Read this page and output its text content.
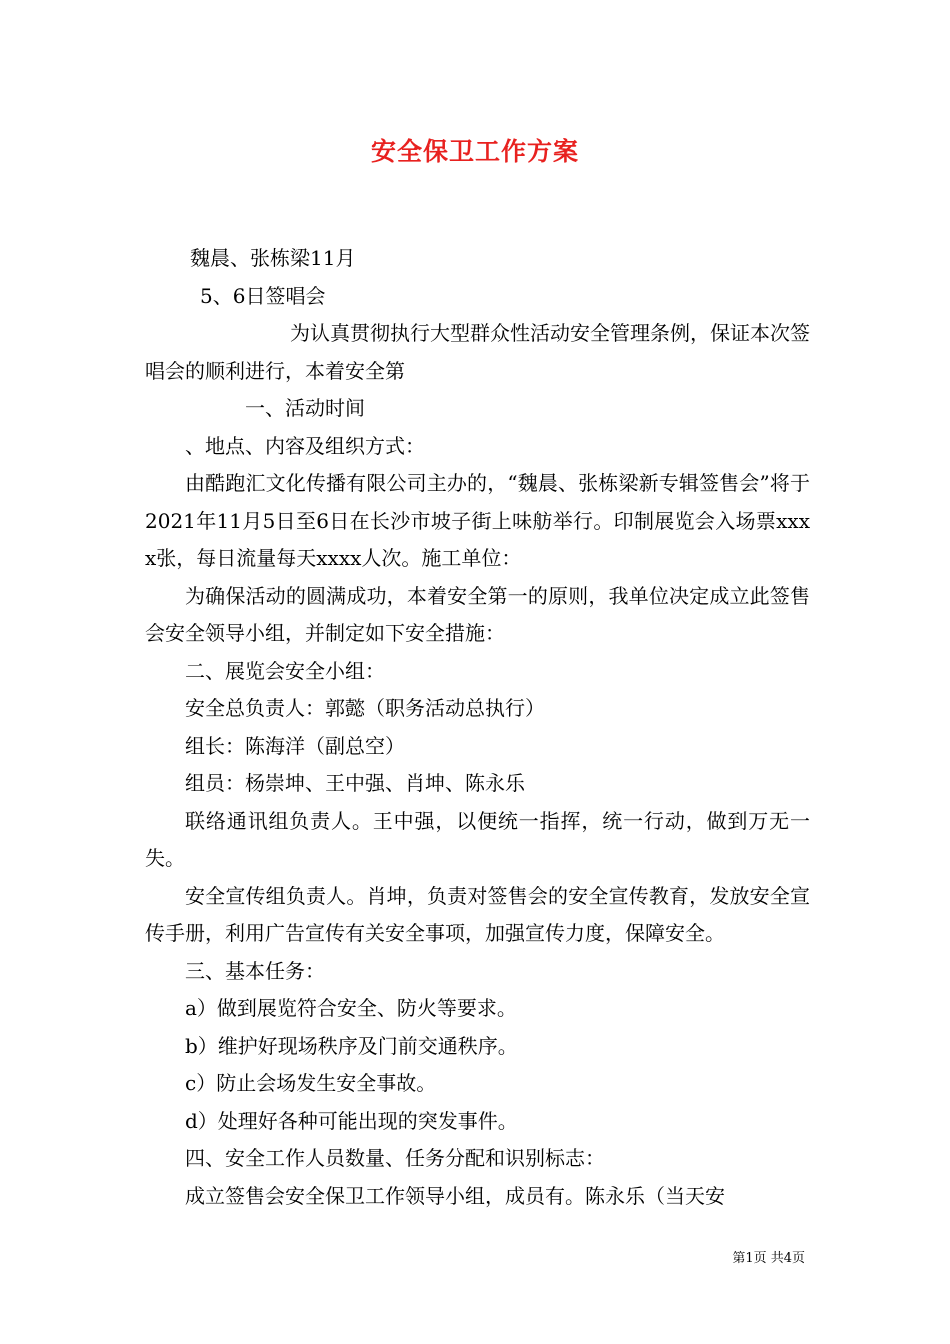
安全保卫工作方案

魏晨、张栋梁11月

5、6日签唱会

为认真贯彻执行大型群众性活动安全管理条例，保证本次签唱会的顺利进行，本着安全第

一、活动时间

、地点、内容及组织方式：

由酷跑汇文化传播有限公司主办的，“魏晨、张栋梁新专辑签售会”将于2021年11月5日至6日在长沙市坡子街上味舫举行。印制展览会入场票xxxx张，每日流量每天xxxx人次。施工单位：

为确保活动的圆满成功，本着安全第一的原则，我单位决定成立此签售会安全领导小组，并制定如下安全措施：

二、展览会安全小组：

安全总负责人：郭懿（职务活动总执行）

组长：陈海洋（副总空）

组员：杨崇坤、王中强、肖坤、陈永乐

联络通讯组负责人。王中强，以便统一指挥，统一行动，做到万无一失。

安全宣传组负责人。肖坤，负责对签售会的安全宣传教育，发放安全宣传手册，利用广告宣传有关安全事项，加强宣传力度，保障安全。

三、基本任务：

a）做到展览符合安全、防火等要求。

b）维护好现场秩序及门前交通秩序。

c）防止会场发生安全事故。

d）处理好各种可能出现的突发事件。

四、安全工作人员数量、任务分配和识别标志：

成立签售会安全保卫工作领导小组，成员有。陈永乐（当天安

第1页 共4页
